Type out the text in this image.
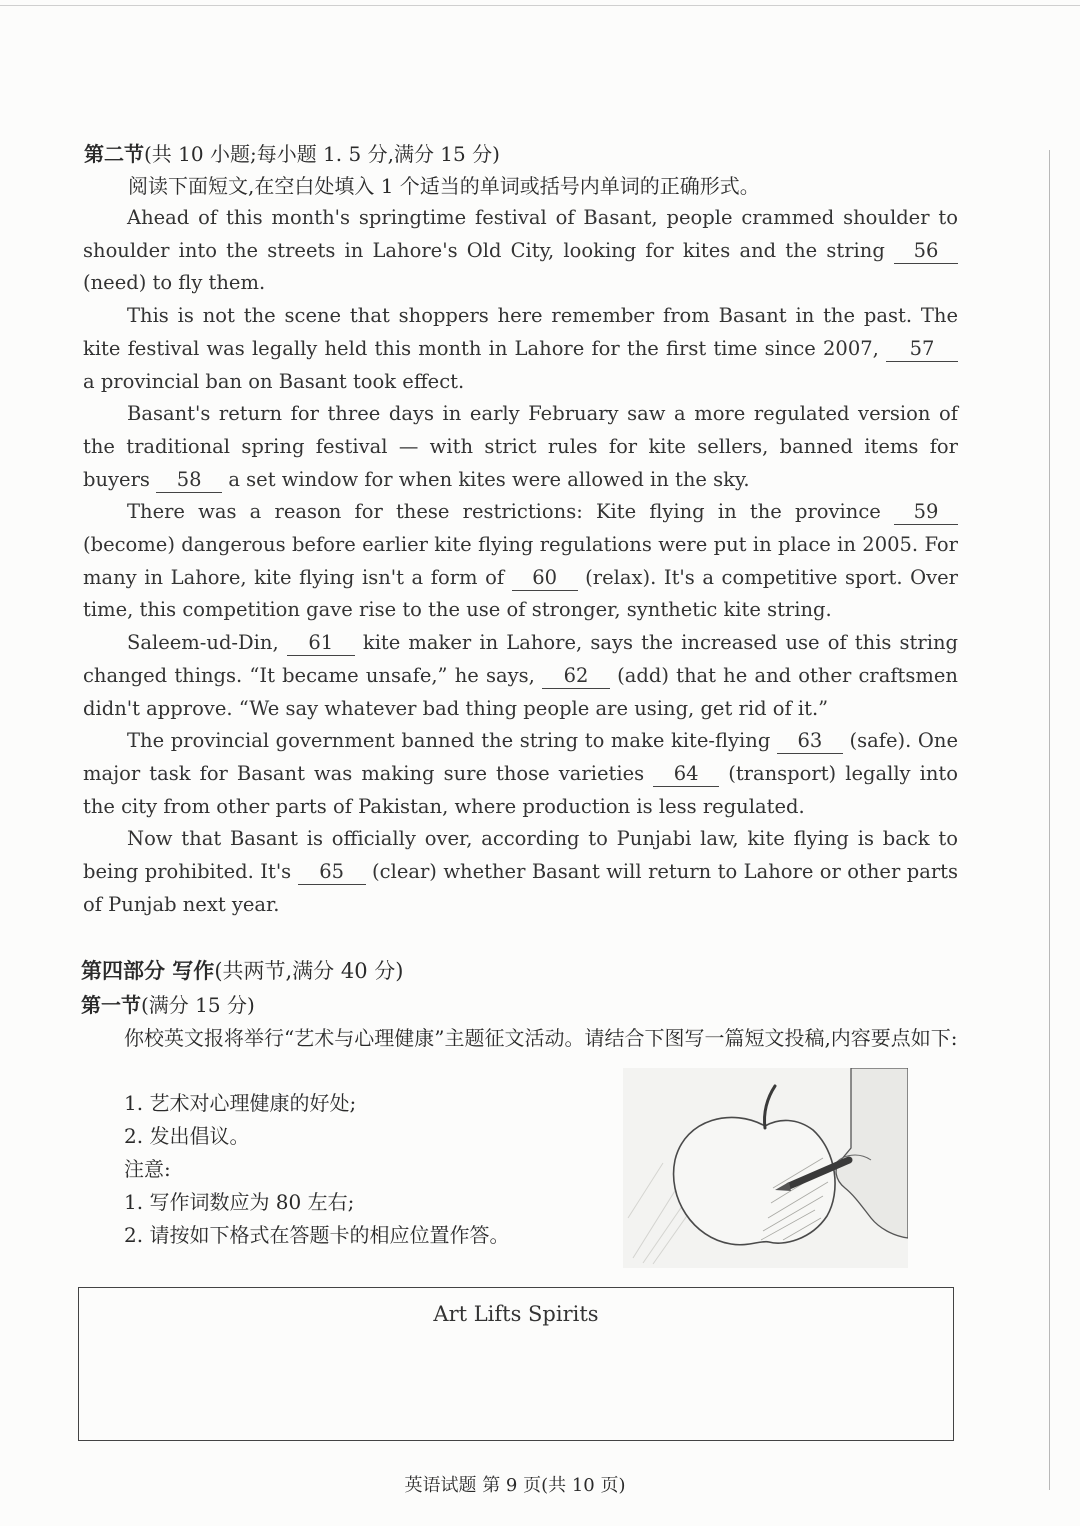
第二节(共 10 小题;每小题 1. 5 分,满分 15 分)
阅读下面短文,在空白处填入 1 个适当的单词或括号内单词的正确形式。

Ahead of this month's springtime festival of Basant, people crammed shoulder to shoulder into the streets in Lahore's Old City, looking for kites and the string 56 (need) to fly them.

This is not the scene that shoppers here remember from Basant in the past. The kite festival was legally held this month in Lahore for the first time since 2007, 57 a provincial ban on Basant took effect.

Basant's return for three days in early February saw a more regulated version of the traditional spring festival — with strict rules for kite sellers, banned items for buyers 58 a set window for when kites were allowed in the sky.

There was a reason for these restrictions: Kite flying in the province 59 (become) dangerous before earlier kite flying regulations were put in place in 2005. For many in Lahore, kite flying isn't a form of 60 (relax). It's a competitive sport. Over time, this competition gave rise to the use of stronger, synthetic kite string.

Saleem-ud-Din, 61 kite maker in Lahore, says the increased use of this string changed things. “It became unsafe,” he says, 62 (add) that he and other craftsmen didn't approve. “We say whatever bad thing people are using, get rid of it.”

The provincial government banned the string to make kite-flying 63 (safe). One major task for Basant was making sure those varieties 64 (transport) legally into the city from other parts of Pakistan, where production is less regulated.

Now that Basant is officially over, according to Punjabi law, kite flying is back to being prohibited. It's 65 (clear) whether Basant will return to Lahore or other parts of Punjab next year.

第四部分 写作(共两节,满分 40 分)
第一节(满分 15 分)
你校英文报将举行“艺术与心理健康”主题征文活动。请结合下图写一篇短文投稿,内容要点如下:
1. 艺术对心理健康的好处;
2. 发出倡议。
注意:
1. 写作词数应为 80 左右;
2. 请按如下格式在答题卡的相应位置作答。
Art Lifts Spirits
英语试题 第 9 页(共 10 页)
